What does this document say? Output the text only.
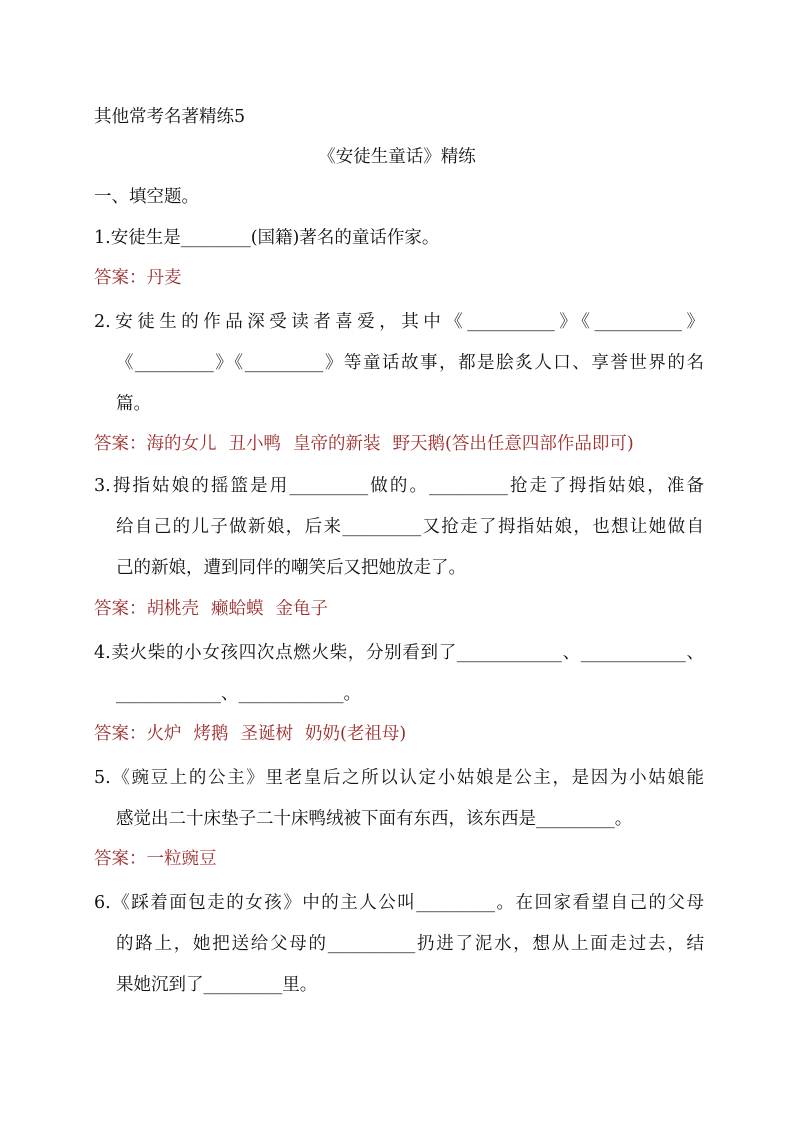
其他常考名著精练5
《安徒生童话》精练
一、填空题。
1.安徒生是________(国籍)著名的童话作家。
答案：丹麦
2.安徒生的作品深受读者喜爱，其中《__________》《__________》
《_________》《_________》等童话故事，都是脍炙人口、享誉世界的名
篇。
答案：海的女儿 丑小鸭 皇帝的新装 野天鹅(答出任意四部作品即可)
3.拇指姑娘的摇篮是用_________做的。_________抢走了拇指姑娘，准备
给自己的儿子做新娘，后来_________又抢走了拇指姑娘，也想让她做自
己的新娘，遭到同伴的嘲笑后又把她放走了。
答案：胡桃壳 癞蛤蟆 金龟子
4.卖火柴的小女孩四次点燃火柴，分别看到了____________、____________、
____________、____________。
答案：火炉 烤鹅 圣诞树 奶奶(老祖母)
5.《豌豆上的公主》里老皇后之所以认定小姑娘是公主，是因为小姑娘能
感觉出二十床垫子二十床鸭绒被下面有东西，该东西是_________。
答案：一粒豌豆
6.《踩着面包走的女孩》中的主人公叫_________。在回家看望自己的父母
的路上，她把送给父母的__________扔进了泥水，想从上面走过去，结
果她沉到了_________里。
